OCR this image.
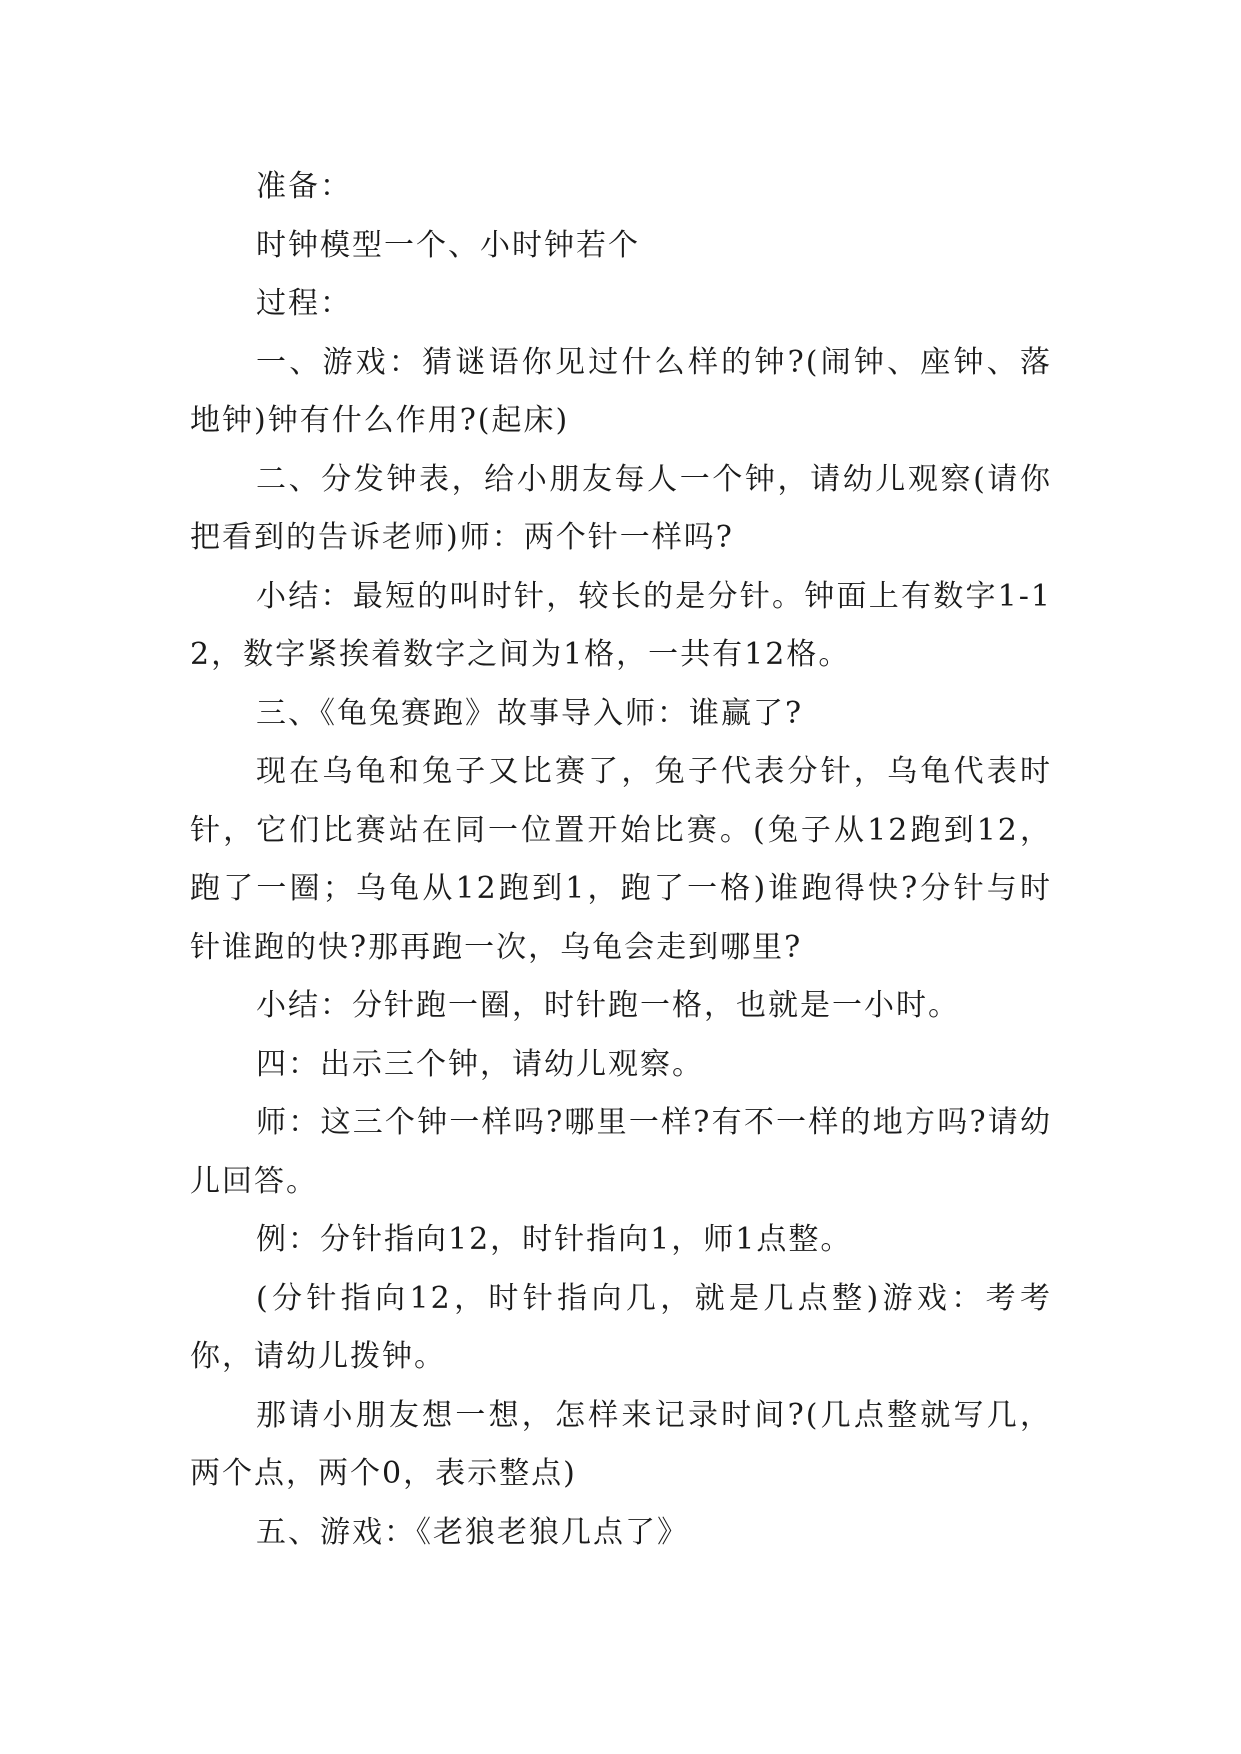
准备：

时钟模型一个、小时钟若个

过程：

一、游戏：猜谜语你见过什么样的钟?(闹钟、座钟、落地钟)钟有什么作用?(起床)

二、分发钟表，给小朋友每人一个钟，请幼儿观察(请你把看到的告诉老师)师：两个针一样吗?

小结：最短的叫时针，较长的是分针。钟面上有数字1-12，数字紧挨着数字之间为1格，一共有12格。

三、《龟兔赛跑》故事导入师：谁赢了?

现在乌龟和兔子又比赛了，兔子代表分针，乌龟代表时针，它们比赛站在同一位置开始比赛。(兔子从12跑到12，跑了一圈；乌龟从12跑到1，跑了一格)谁跑得快?分针与时针谁跑的快?那再跑一次，乌龟会走到哪里?

小结：分针跑一圈，时针跑一格，也就是一小时。

四：出示三个钟，请幼儿观察。

师：这三个钟一样吗?哪里一样?有不一样的地方吗?请幼儿回答。

例：分针指向12，时针指向1，师1点整。

(分针指向12，时针指向几，就是几点整)游戏：考考你，请幼儿拨钟。

那请小朋友想一想，怎样来记录时间?(几点整就写几，两个点，两个0，表示整点)

五、游戏：《老狼老狼几点了》
